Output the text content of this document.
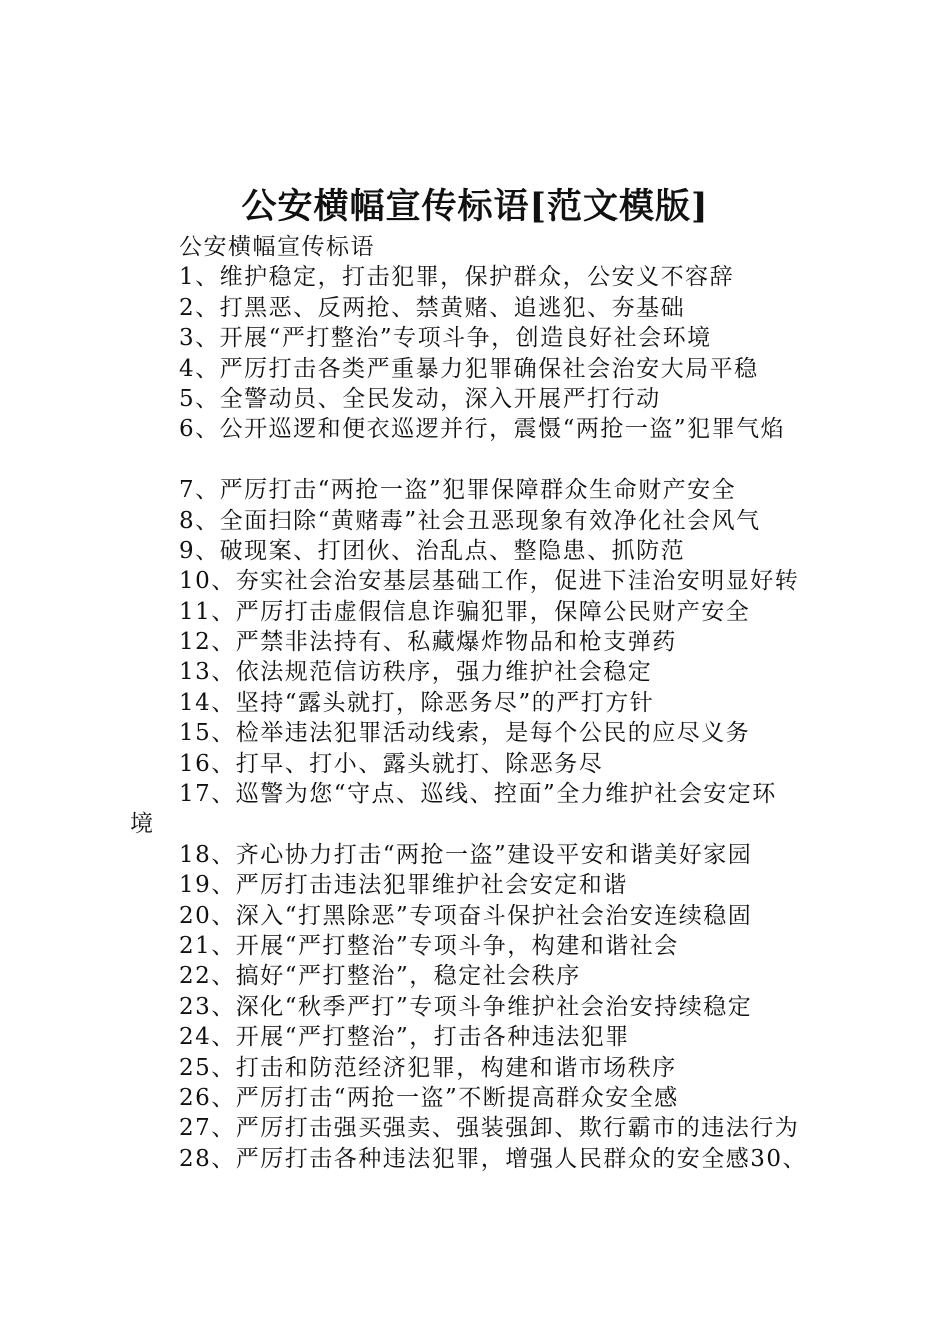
公安横幅宣传标语[范文模版]
公安横幅宣传标语
1、维护稳定，打击犯罪，保护群众，公安义不容辞
2、打黑恶、反两抢、禁黄赌、追逃犯、夯基础
3、开展“严打整治”专项斗争，创造良好社会环境
4、严厉打击各类严重暴力犯罪确保社会治安大局平稳
5、全警动员、全民发动，深入开展严打行动
6、公开巡逻和便衣巡逻并行，震慑“两抢一盗”犯罪气焰
7、严厉打击“两抢一盗”犯罪保障群众生命财产安全
8、全面扫除“黄赌毒”社会丑恶现象有效净化社会风气
9、破现案、打团伙、治乱点、整隐患、抓防范
10、夯实社会治安基层基础工作，促进下洼治安明显好转
11、严厉打击虚假信息诈骗犯罪，保障公民财产安全
12、严禁非法持有、私藏爆炸物品和枪支弹药
13、依法规范信访秩序，强力维护社会稳定
14、坚持“露头就打，除恶务尽”的严打方针
15、检举违法犯罪活动线索，是每个公民的应尽义务
16、打早、打小、露头就打、除恶务尽
17、巡警为您“守点、巡线、控面”全力维护社会安定环
境
18、齐心协力打击“两抢一盗”建设平安和谐美好家园
19、严厉打击违法犯罪维护社会安定和谐
20、深入“打黑除恶”专项奋斗保护社会治安连续稳固
21、开展“严打整治”专项斗争，构建和谐社会
22、搞好“严打整治”，稳定社会秩序
23、深化“秋季严打”专项斗争维护社会治安持续稳定
24、开展“严打整治”，打击各种违法犯罪
25、打击和防范经济犯罪，构建和谐市场秩序
26、严厉打击“两抢一盗”不断提高群众安全感
27、严厉打击强买强卖、强装强卸、欺行霸市的违法行为
28、严厉打击各种违法犯罪，增强人民群众的安全感30、
